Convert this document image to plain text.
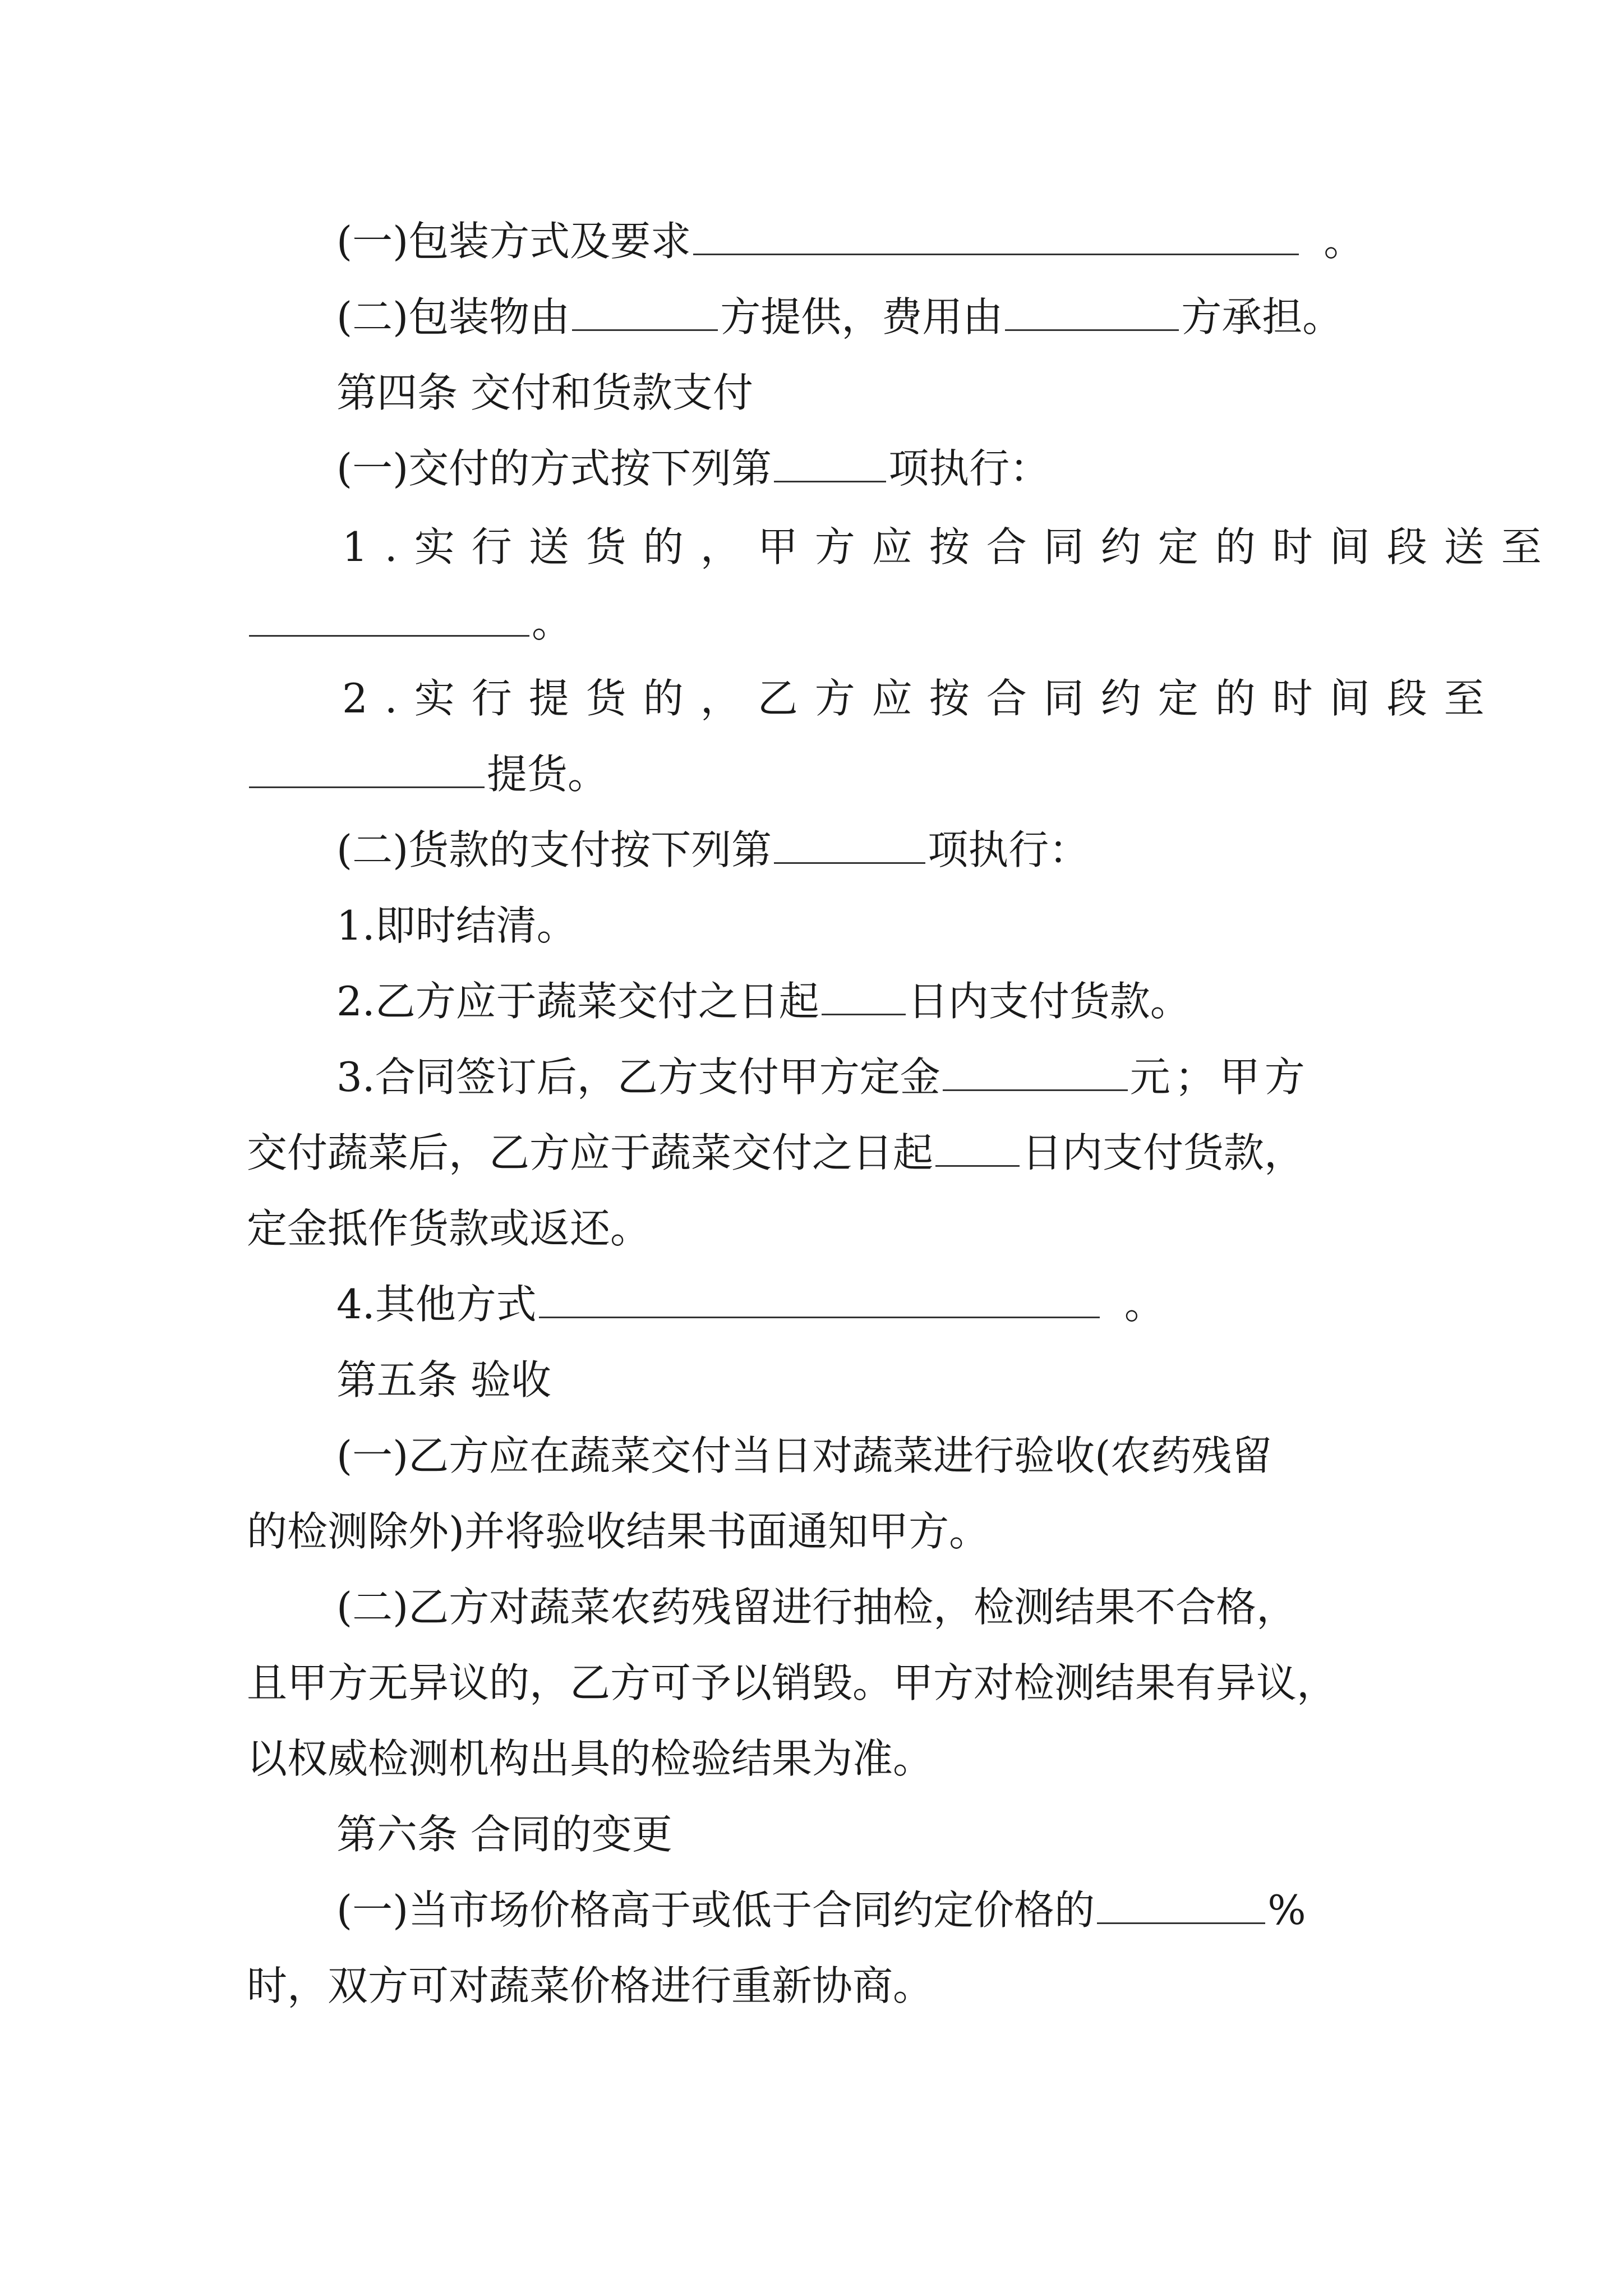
(一)包装方式及要求	。
(二)包装物由	方提供，费用由	方承担。
第四条 交付和货款支付
(一)交付的方式按下列第	项执行：
1.实行送货的，甲方应按合同约定的时间段送至
。
2.实行提货的，乙方应按合同约定的时间段至
提货。
(二)货款的支付按下列第	项执行：
1.即时结清。
2.乙方应于蔬菜交付之日起 日内支付货款。
3.合同签订后，乙方支付甲方定金	元；甲方
交付蔬菜后，乙方应于蔬菜交付之日起 日内支付货款，
定金抵作货款或返还。
4.其他方式	。
第五条 验收
(一)乙方应在蔬菜交付当日对蔬菜进行验收(农药残留
的检测除外)并将验收结果书面通知甲方。
(二)乙方对蔬菜农药残留进行抽检，检测结果不合格，
且甲方无异议的，乙方可予以销毁。甲方对检测结果有异议，
以权威检测机构出具的检验结果为准。
第六条 合同的变更
(一)当市场价格高于或低于合同约定价格的	%
时，双方可对蔬菜价格进行重新协商。
